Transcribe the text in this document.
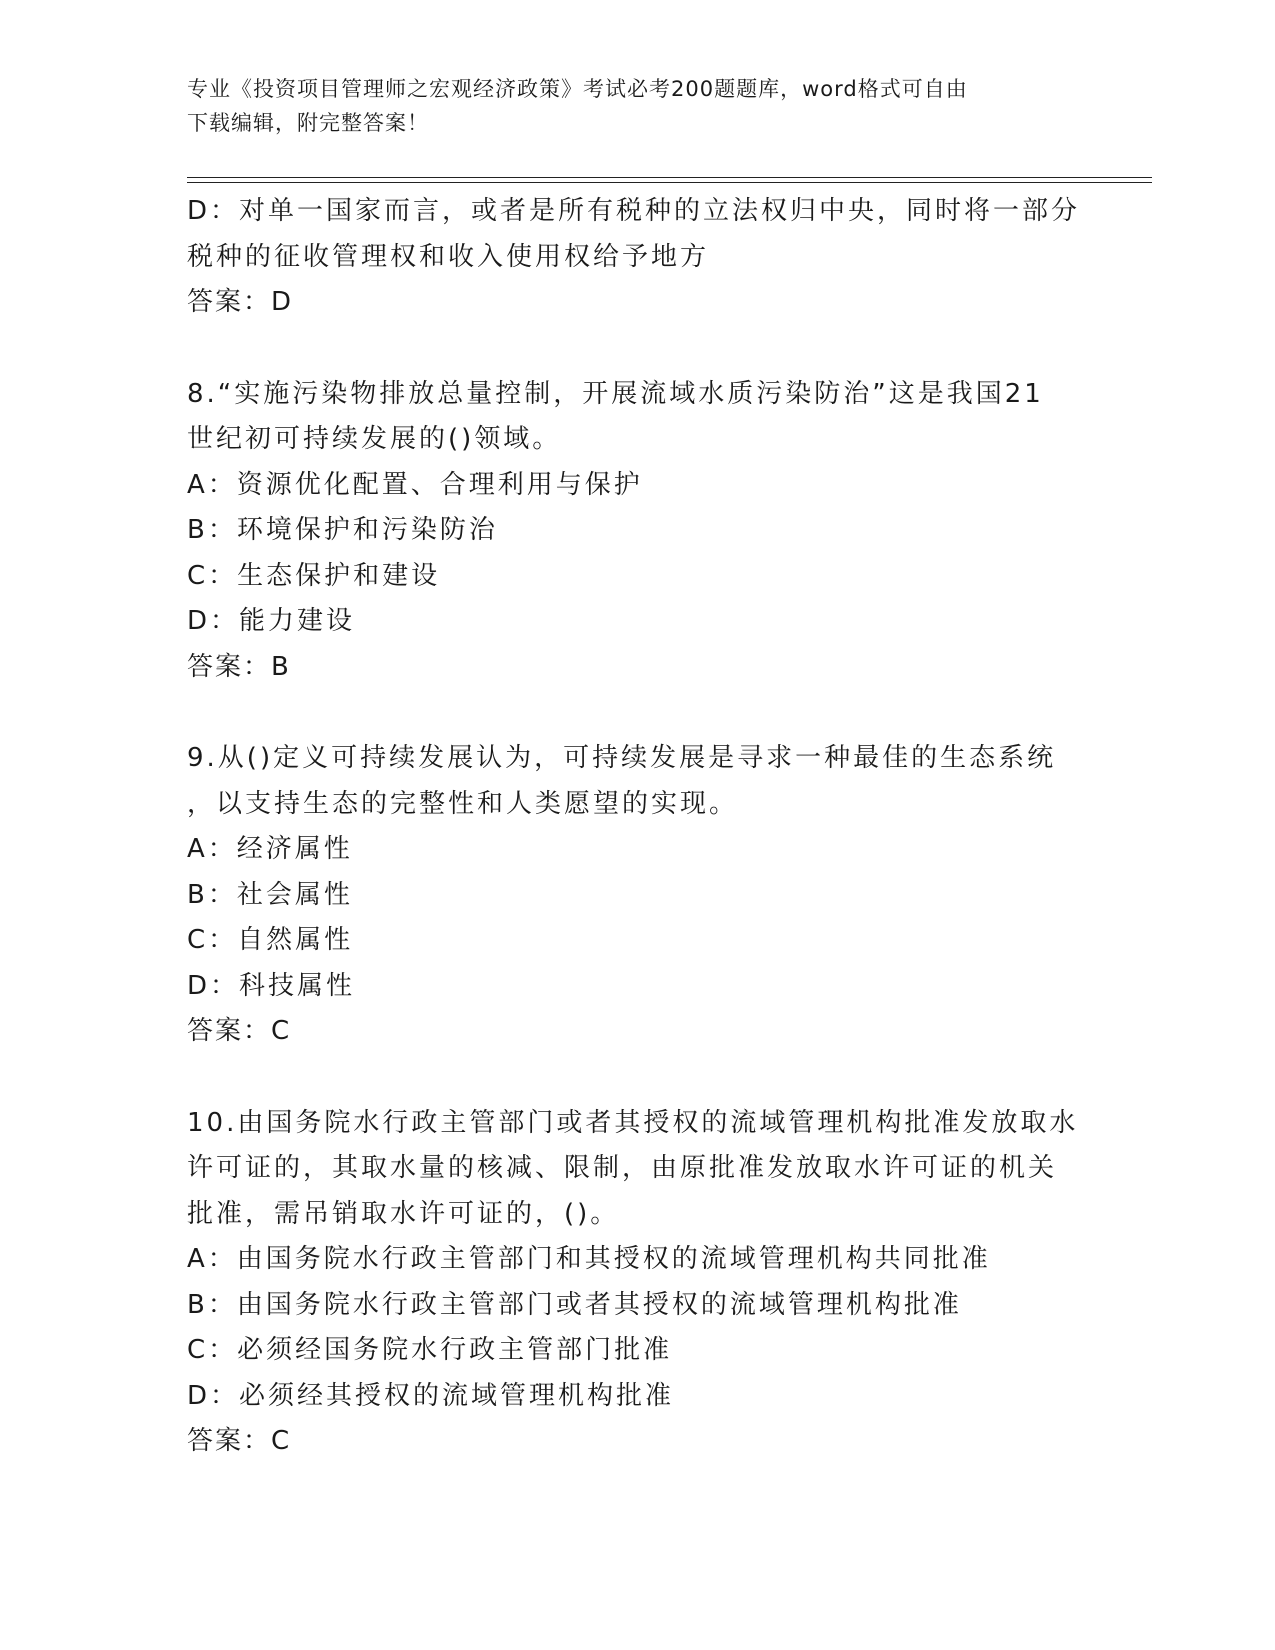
专业《投资项目管理师之宏观经济政策》考试必考200题题库，word格式可自由
下载编辑，附完整答案！
D：对单一国家而言，或者是所有税种的立法权归中央，同时将一部分
税种的征收管理权和收入使用权给予地方
答案：D
8.“实施污染物排放总量控制，开展流域水质污染防治”这是我国21
世纪初可持续发展的()领域。
A：资源优化配置、合理利用与保护
B：环境保护和污染防治
C：生态保护和建设
D：能力建设
答案：B
9.从()定义可持续发展认为，可持续发展是寻求一种最佳的生态系统
，以支持生态的完整性和人类愿望的实现。
A：经济属性
B：社会属性
C：自然属性
D：科技属性
答案：C
10.由国务院水行政主管部门或者其授权的流域管理机构批准发放取水
许可证的，其取水量的核减、限制，由原批准发放取水许可证的机关
批准，需吊销取水许可证的，()。
A：由国务院水行政主管部门和其授权的流域管理机构共同批准
B：由国务院水行政主管部门或者其授权的流域管理机构批准
C：必须经国务院水行政主管部门批准
D：必须经其授权的流域管理机构批准
答案：C
